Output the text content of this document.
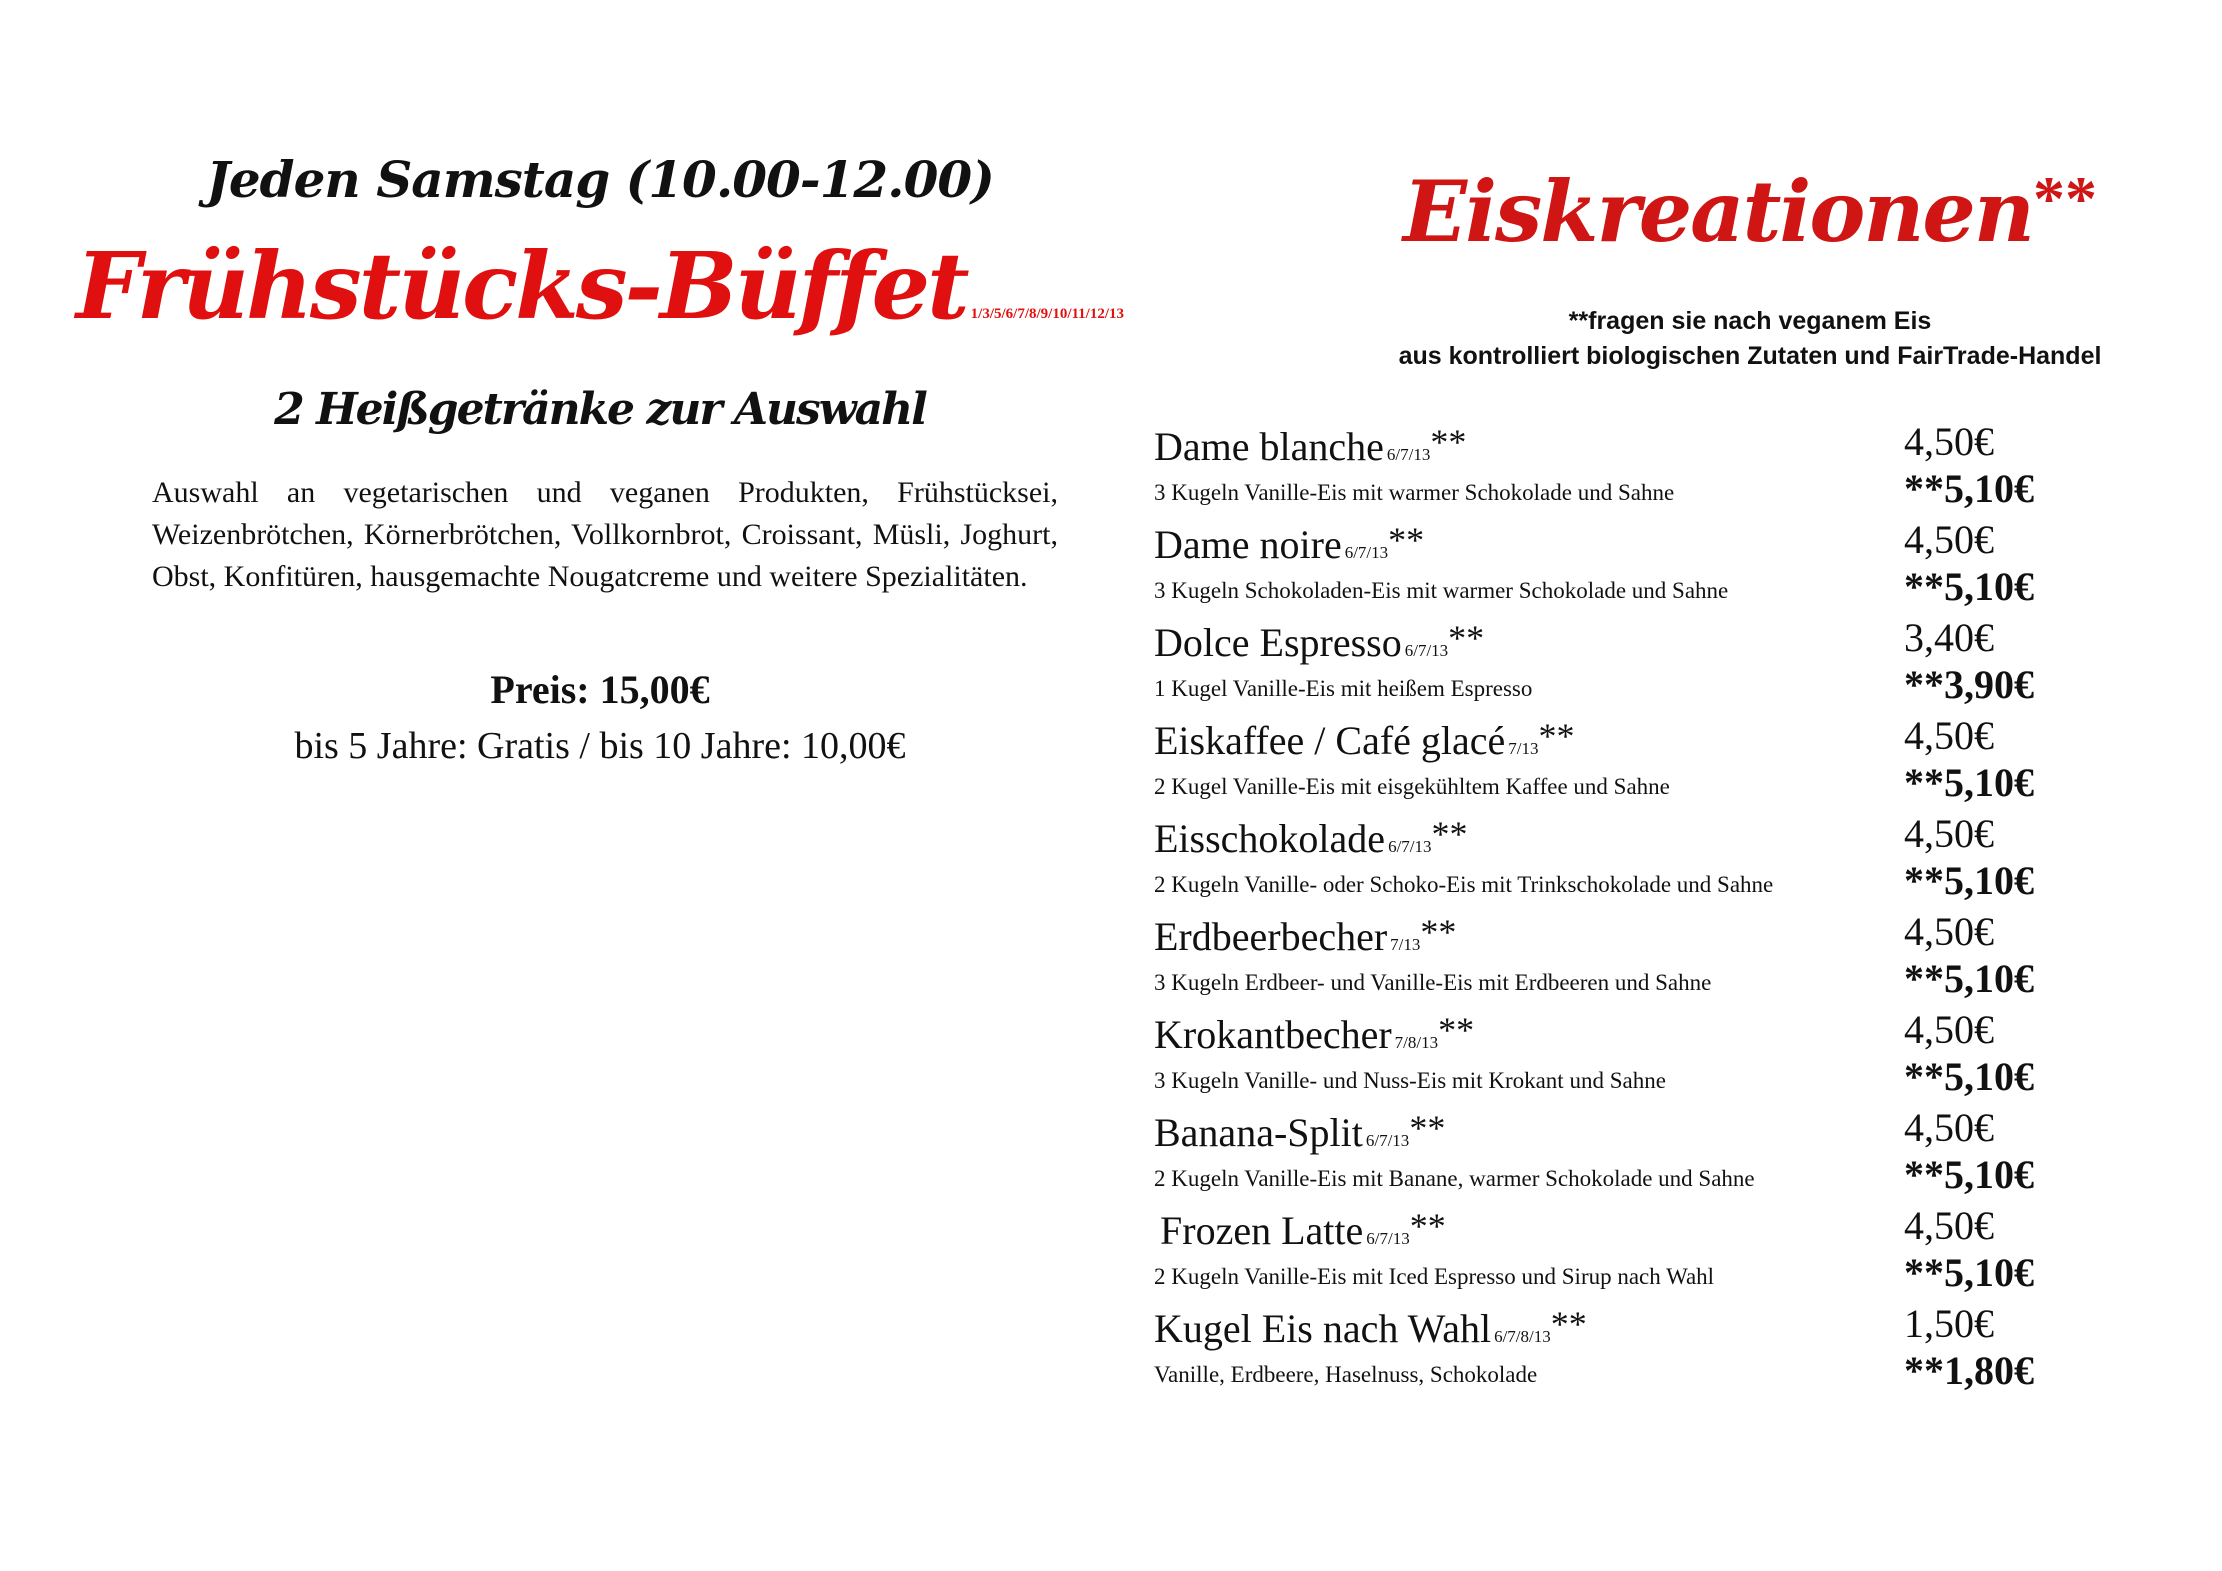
Jeden Samstag (10.00-12.00)
Frühstücks-Büffet 1/3/5/6/7/8/9/10/11/12/13
2 Heißgetränke zur Auswahl

Auswahl an vegetarischen und veganen Produkten, Frühstücksei, Weizenbrötchen, Körnerbrötchen, Vollkornbrot, Croissant, Müsli, Joghurt, Obst, Konfitüren, hausgemachte Nougatcreme und weitere Spezialitäten.

Preis: 15,00€
bis 5 Jahre: Gratis / bis 10 Jahre: 10,00€
Eiskreationen**
**fragen sie nach veganem Eis
aus kontrolliert biologischen Zutaten und FairTrade-Handel
Dame blanche 6/7/13**	4,50€
3 Kugeln Vanille-Eis mit warmer Schokolade und Sahne	**5,10€
Dame noire 6/7/13**	4,50€
3 Kugeln Schokoladen-Eis mit warmer Schokolade und Sahne	**5,10€
Dolce Espresso 6/7/13**	3,40€
1 Kugel Vanille-Eis mit heißem Espresso	**3,90€
Eiskaffee / Café glacé 7/13**	4,50€
2 Kugel Vanille-Eis mit eisgekühltem Kaffee und Sahne	**5,10€
Eisschokolade 6/7/13**	4,50€
2 Kugeln Vanille- oder Schoko-Eis mit Trinkschokolade und Sahne	**5,10€
Erdbeerbecher 7/13**	4,50€
3 Kugeln Erdbeer- und Vanille-Eis mit Erdbeeren und Sahne	**5,10€
Krokantbecher 7/8/13**	4,50€
3 Kugeln Vanille- und Nuss-Eis mit Krokant und Sahne	**5,10€
Banana-Split 6/7/13**	4,50€
2 Kugeln Vanille-Eis mit Banane, warmer Schokolade und Sahne	**5,10€
Frozen Latte 6/7/13**	4,50€
2 Kugeln Vanille-Eis mit Iced Espresso und Sirup nach Wahl	**5,10€
Kugel Eis nach Wahl 6/7/8/13**	1,50€
Vanille, Erdbeere, Haselnuss, Schokolade	**1,80€
